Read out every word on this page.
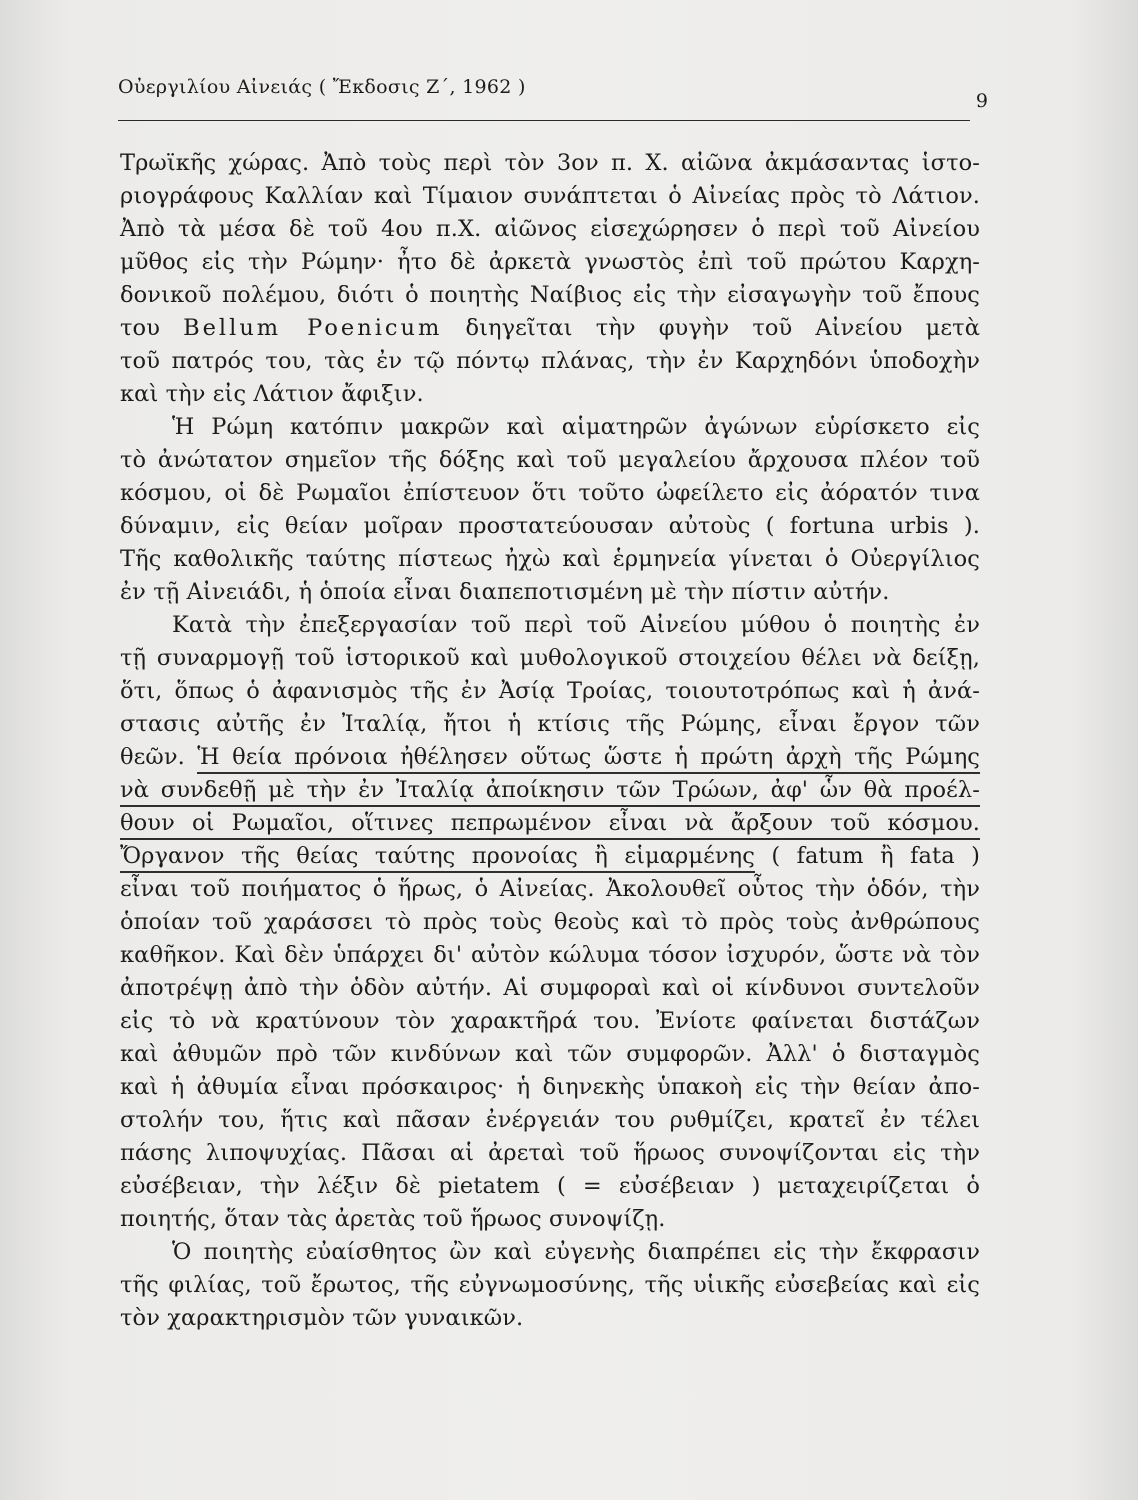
Οὐεργιλίου Αἰνειάς ( Ἔκδοσις Ζ΄, 1962 )
9
Τρωϊκῆς χώρας. Ἀπὸ τοὺς περὶ τὸν 3ον π. Χ. αἰῶνα ἀκμάσαντας ἱστο-
ριογράφους Καλλίαν καὶ Τίμαιον συνάπτεται ὁ Αἰνείας πρὸς τὸ Λάτιον.
Ἀπὸ τὰ μέσα δὲ τοῦ 4ου π.Χ. αἰῶνος εἰσεχώρησεν ὁ περὶ τοῦ Αἰνείου
μῦθος εἰς τὴν Ρώμην· ἦτο δὲ ἀρκετὰ γνωστὸς ἐπὶ τοῦ πρώτου Καρχη-
δονικοῦ πολέμου, διότι ὁ ποιητὴς Ναίβιος εἰς τὴν εἰσαγωγὴν τοῦ ἔπους
του Bellum Poenicum διηγεῖται τὴν φυγὴν τοῦ Αἰνείου μετὰ
τοῦ πατρός του, τὰς ἐν τῷ πόντῳ πλάνας, τὴν ἐν Καρχηδόνι ὑποδοχὴν
καὶ τὴν εἰς Λάτιον ἄφιξιν.
Ἡ Ρώμη κατόπιν μακρῶν καὶ αἱματηρῶν ἀγώνων εὑρίσκετο εἰς
τὸ ἀνώτατον σημεῖον τῆς δόξης καὶ τοῦ μεγαλείου ἄρχουσα πλέον τοῦ
κόσμου, οἱ δὲ Ρωμαῖοι ἐπίστευον ὅτι τοῦτο ὠφείλετο εἰς ἀόρατόν τινα
δύναμιν, εἰς θείαν μοῖραν προστατεύουσαν αὐτοὺς ( fortuna urbis ).
Τῆς καθολικῆς ταύτης πίστεως ἠχὼ καὶ ἑρμηνεία γίνεται ὁ Οὐεργίλιος
ἐν τῇ Αἰνειάδι, ἡ ὁποία εἶναι διαπεποτισμένη μὲ τὴν πίστιν αὐτήν.
Κατὰ τὴν ἐπεξεργασίαν τοῦ περὶ τοῦ Αἰνείου μύθου ὁ ποιητὴς ἐν
τῇ συναρμογῇ τοῦ ἱστορικοῦ καὶ μυθολογικοῦ στοιχείου θέλει νὰ δείξῃ,
ὅτι, ὅπως ὁ ἀφανισμὸς τῆς ἐν Ἀσίᾳ Τροίας, τοιουτοτρόπως καὶ ἡ ἀνά-
στασις αὐτῆς ἐν Ἰταλίᾳ, ἤτοι ἡ κτίσις τῆς Ρώμης, εἶναι ἔργον τῶν
θεῶν. Ἡ θεία πρόνοια ἠθέλησεν οὕτως ὥστε ἡ πρώτη ἀρχὴ τῆς Ρώμης
νὰ συνδεθῇ μὲ τὴν ἐν Ἰταλίᾳ ἀποίκησιν τῶν Τρώων, ἀφ' ὧν θὰ προέλ-
θουν οἱ Ρωμαῖοι, οἵτινες πεπρωμένον εἶναι νὰ ἄρξουν τοῦ κόσμου.
Ὄργανον τῆς θείας ταύτης προνοίας ἢ εἱμαρμένης ( fatum ἢ fata )
εἶναι τοῦ ποιήματος ὁ ἥρως, ὁ Αἰνείας. Ἀκολουθεῖ οὗτος τὴν ὁδόν, τὴν
ὁποίαν τοῦ χαράσσει τὸ πρὸς τοὺς θεοὺς καὶ τὸ πρὸς τοὺς ἀνθρώπους
καθῆκον. Καὶ δὲν ὑπάρχει δι' αὐτὸν κώλυμα τόσον ἰσχυρόν, ὥστε νὰ τὸν
ἀποτρέψῃ ἀπὸ τὴν ὁδὸν αὐτήν. Αἱ συμφοραὶ καὶ οἱ κίνδυνοι συντελοῦν
εἰς τὸ νὰ κρατύνουν τὸν χαρακτῆρά του. Ἐνίοτε φαίνεται διστάζων
καὶ ἀθυμῶν πρὸ τῶν κινδύνων καὶ τῶν συμφορῶν. Ἀλλ' ὁ δισταγμὸς
καὶ ἡ ἀθυμία εἶναι πρόσκαιρος· ἡ διηνεκὴς ὑπακοὴ εἰς τὴν θείαν ἀπο-
στολήν του, ἥτις καὶ πᾶσαν ἐνέργειάν του ρυθμίζει, κρατεῖ ἐν τέλει
πάσης λιποψυχίας. Πᾶσαι αἱ ἀρεταὶ τοῦ ἥρωος συνοψίζονται εἰς τὴν
εὐσέβειαν, τὴν λέξιν δὲ pietatem ( = εὐσέβειαν ) μεταχειρίζεται ὁ
ποιητής, ὅταν τὰς ἀρετὰς τοῦ ἥρωος συνοψίζῃ.
Ὁ ποιητὴς εὐαίσθητος ὢν καὶ εὐγενὴς διαπρέπει εἰς τὴν ἔκφρασιν
τῆς φιλίας, τοῦ ἔρωτος, τῆς εὐγνωμοσύνης, τῆς υἱικῆς εὐσεβείας καὶ εἰς
τὸν χαρακτηρισμὸν τῶν γυναικῶν.
